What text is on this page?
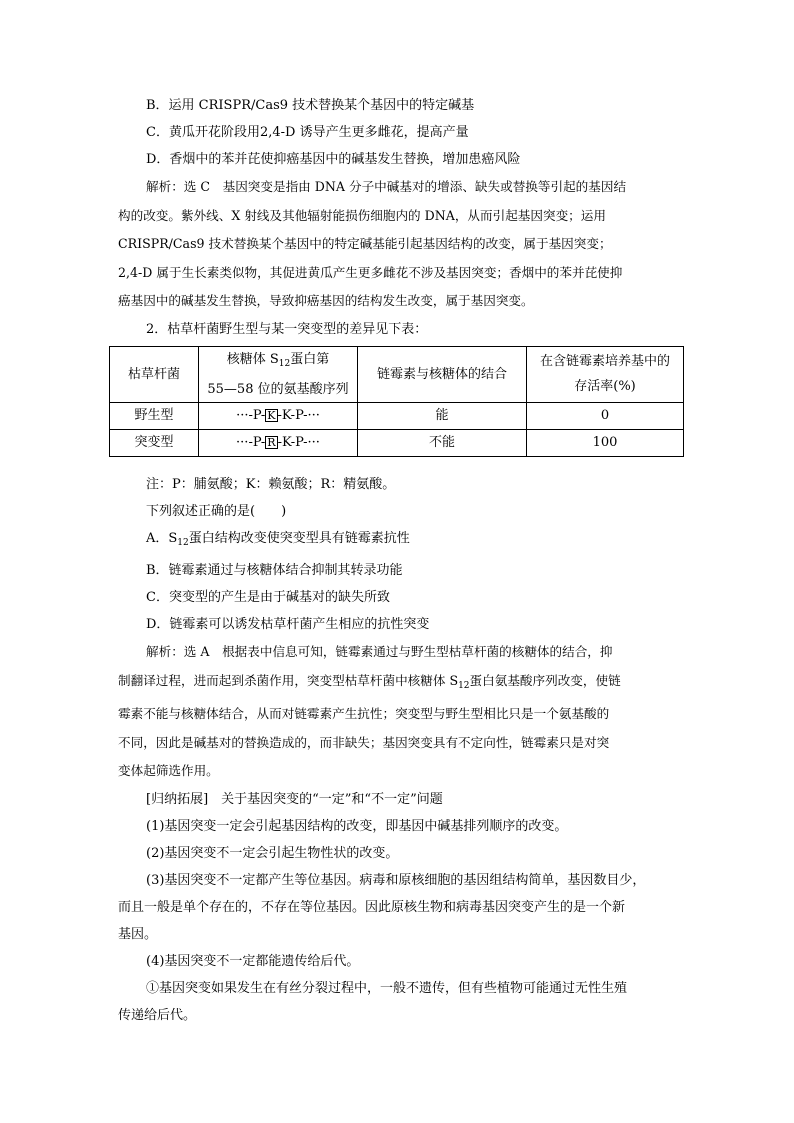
B．运用 CRISPR/Cas9 技术替换某个基因中的特定碱基
C．黄瓜开花阶段用2,4-D 诱导产生更多雌花，提高产量
D．香烟中的苯并芘使抑癌基因中的碱基发生替换，增加患癌风险
解析：选 C　基因突变是指由 DNA 分子中碱基对的增添、缺失或替换等引起的基因结
构的改变。紫外线、X 射线及其他辐射能损伤细胞内的 DNA，从而引起基因突变；运用
CRISPR/Cas9 技术替换某个基因中的特定碱基能引起基因结构的改变，属于基因突变；
2,4-D 属于生长素类似物，其促进黄瓜产生更多雌花不涉及基因突变；香烟中的苯并芘使抑
癌基因中的碱基发生替换，导致抑癌基因的结构发生改变，属于基因突变。
2．枯草杆菌野生型与某一突变型的差异见下表：
枯草杆菌	核糖体 $S_{12}$蛋白第
55—58 位的氨基酸序列	链霉素与核糖体的结合	在含链霉素培养基中的
存活率(%)
野生型	···-P- K -K-P-···	能	0
突变型	···-P- R -K-P-···	不能	100
注：P：脯氨酸；K：赖氨酸；R：精氨酸。
下列叙述正确的是(　　)
A．$S_{12}$蛋白结构改变使突变型具有链霉素抗性
B．链霉素通过与核糖体结合抑制其转录功能
C．突变型的产生是由于碱基对的缺失所致
D．链霉素可以诱发枯草杆菌产生相应的抗性突变
解析：选 A　根据表中信息可知，链霉素通过与野生型枯草杆菌的核糖体的结合，抑
制翻译过程，进而起到杀菌作用，突变型枯草杆菌中核糖体 $S_{12}$蛋白氨基酸序列改变，使链
霉素不能与核糖体结合，从而对链霉素产生抗性；突变型与野生型相比只是一个氨基酸的
不同，因此是碱基对的替换造成的，而非缺失；基因突变具有不定向性，链霉素只是对突
变体起筛选作用。
[归纳拓展]　关于基因突变的“一定”和“不一定”问题
(1)基因突变一定会引起基因结构的改变，即基因中碱基排列顺序的改变。
(2)基因突变不一定会引起生物性状的改变。
(3)基因突变不一定都产生等位基因。病毒和原核细胞的基因组结构简单，基因数目少，
而且一般是单个存在的，不存在等位基因。因此原核生物和病毒基因突变产生的是一个新
基因。
(4)基因突变不一定都能遗传给后代。
①基因突变如果发生在有丝分裂过程中，一般不遗传，但有些植物可能通过无性生殖
传递给后代。
